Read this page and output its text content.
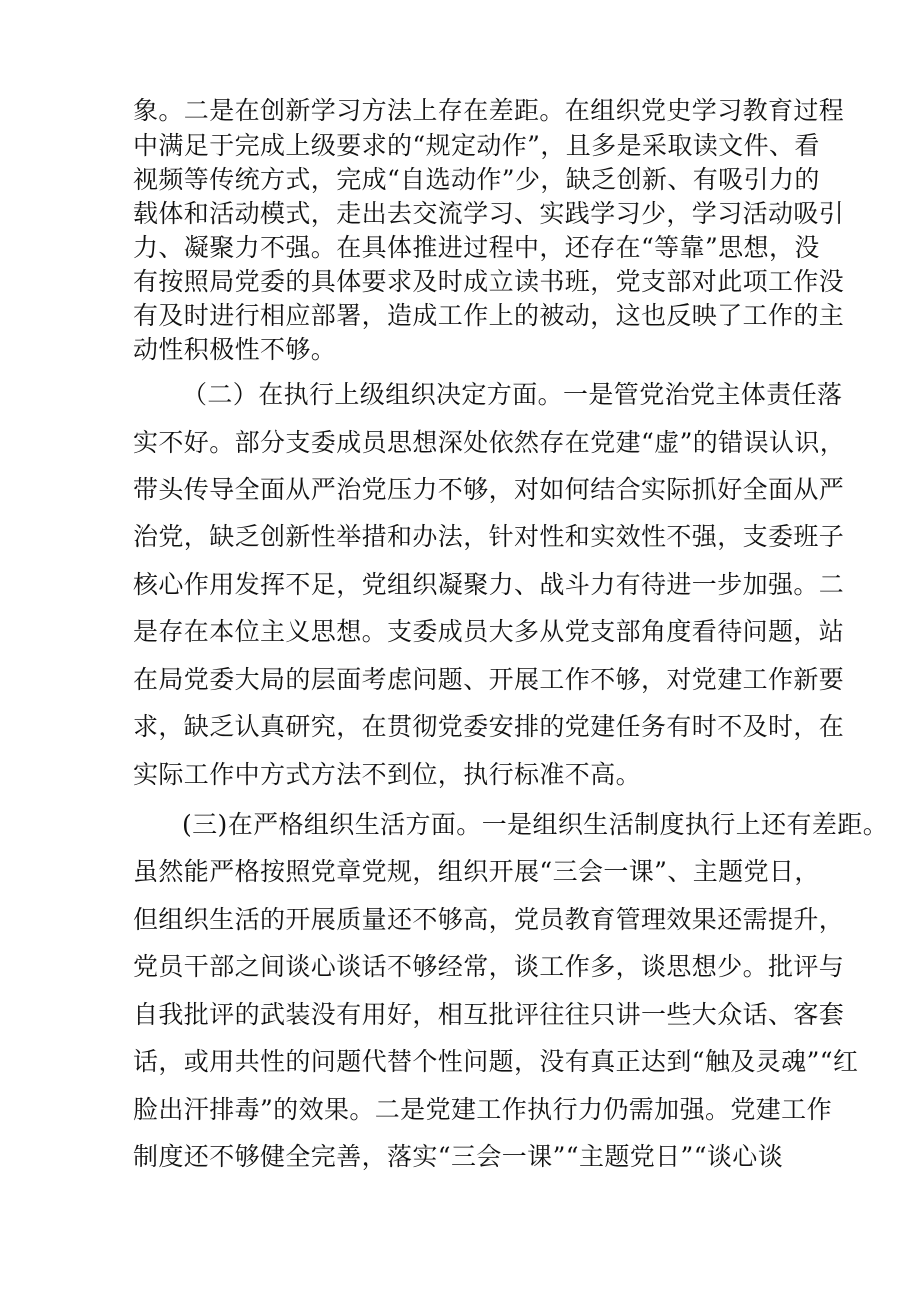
象。二是在创新学习方法上存在差距。在组织党史学习教育过程
中满足于完成上级要求的“规定动作”，且多是采取读文件、看
视频等传统方式，完成“自选动作”少，缺乏创新、有吸引力的
载体和活动模式，走出去交流学习、实践学习少，学习活动吸引
力、凝聚力不强。在具体推进过程中，还存在“等靠”思想，没
有按照局党委的具体要求及时成立读书班，党支部对此项工作没
有及时进行相应部署，造成工作上的被动，这也反映了工作的主
动性积极性不够。
（二）在执行上级组织决定方面。一是管党治党主体责任落
实不好。部分支委成员思想深处依然存在党建“虚”的错误认识，
带头传导全面从严治党压力不够，对如何结合实际抓好全面从严
治党，缺乏创新性举措和办法，针对性和实效性不强，支委班子
核心作用发挥不足，党组织凝聚力、战斗力有待进一步加强。二
是存在本位主义思想。支委成员大多从党支部角度看待问题，站
在局党委大局的层面考虑问题、开展工作不够，对党建工作新要
求，缺乏认真研究，在贯彻党委安排的党建任务有时不及时，在
实际工作中方式方法不到位，执行标准不高。
(三)在严格组织生活方面。一是组织生活制度执行上还有差距。
虽然能严格按照党章党规，组织开展“三会一课”、主题党日，
但组织生活的开展质量还不够高，党员教育管理效果还需提升，
党员干部之间谈心谈话不够经常，谈工作多，谈思想少。批评与
自我批评的武装没有用好，相互批评往往只讲一些大众话、客套
话，或用共性的问题代替个性问题，没有真正达到“触及灵魂”“红
脸出汗排毒”的效果。二是党建工作执行力仍需加强。党建工作
制度还不够健全完善，落实“三会一课”“主题党日”“谈心谈
